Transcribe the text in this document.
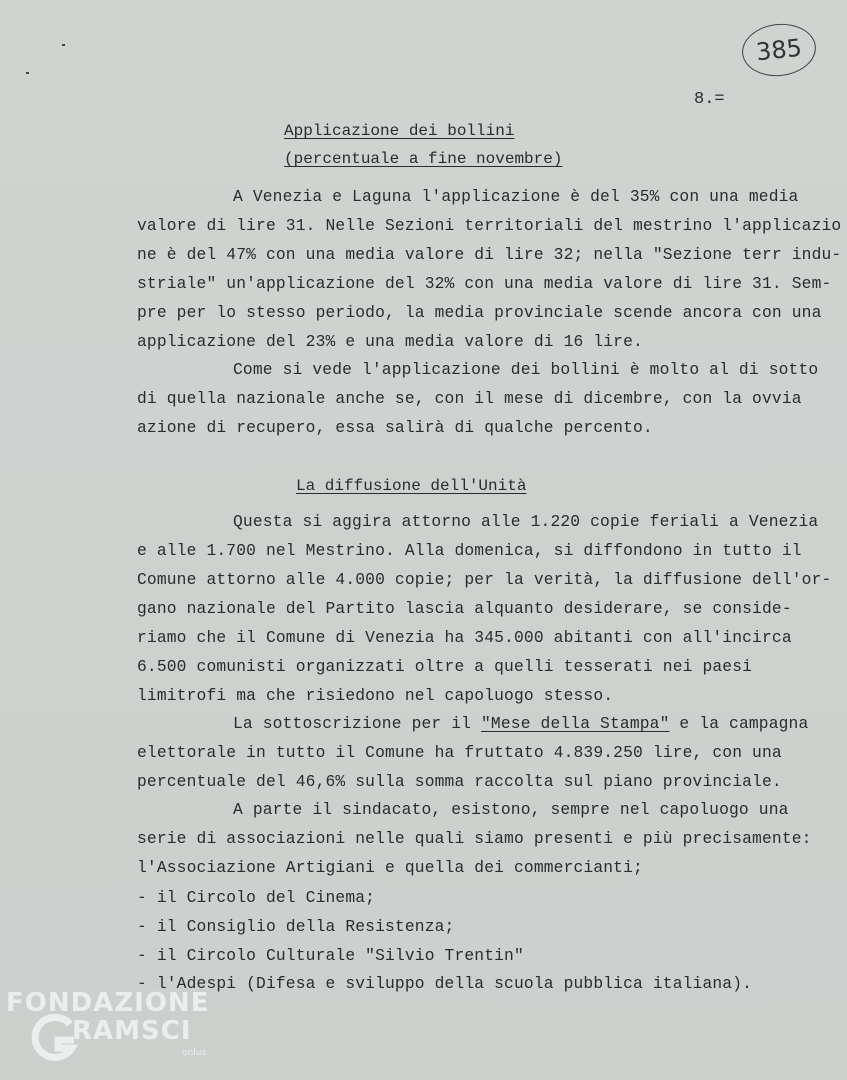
385
8.=
Applicazione dei bollini
(percentuale a fine novembre)
A Venezia e Laguna l'applicazione è del 35% con una media
valore di lire 31. Nelle Sezioni territoriali del mestrino l'applicazio
ne è del 47% con una media valore di lire 32; nella "Sezione terr indu-
striale" un'applicazione del 32% con una media valore di lire 31. Sem-
pre per lo stesso periodo, la media provinciale scende ancora con una
applicazione del 23% e una media valore di 16 lire.
Come si vede l'applicazione dei bollini è molto al di sotto
di quella nazionale anche se, con il mese di dicembre, con la ovvia
azione di recupero, essa salirà di qualche percento.
La diffusione dell'Unità
Questa si aggira attorno alle 1.220 copie feriali a Venezia
e alle 1.700 nel Mestrino. Alla domenica, si diffondono in tutto il
Comune attorno alle 4.000 copie; per la verità, la diffusione dell'or-
gano nazionale del Partito lascia alquanto desiderare, se conside-
riamo che il Comune di Venezia ha 345.000 abitanti con all'incirca
6.500 comunisti organizzati oltre a quelli tesserati nei paesi
limitrofi ma che risiedono nel capoluogo stesso.
La sottoscrizione per il "Mese della Stampa" e la campagna
elettorale in tutto il Comune ha fruttato 4.839.250 lire, con una
percentuale del 46,6% sulla somma raccolta sul piano provinciale.
A parte il sindacato, esistono, sempre nel capoluogo una
serie di associazioni nelle quali siamo presenti e più precisamente:
l'Associazione Artigiani e quella dei commercianti;
- il Circolo del Cinema;
- il Consiglio della Resistenza;
- il Circolo Culturale "Silvio Trentin"
- l'Adespi (Difesa e sviluppo della scuola pubblica italiana).
FONDAZIONE
RAMSCI
onlus
